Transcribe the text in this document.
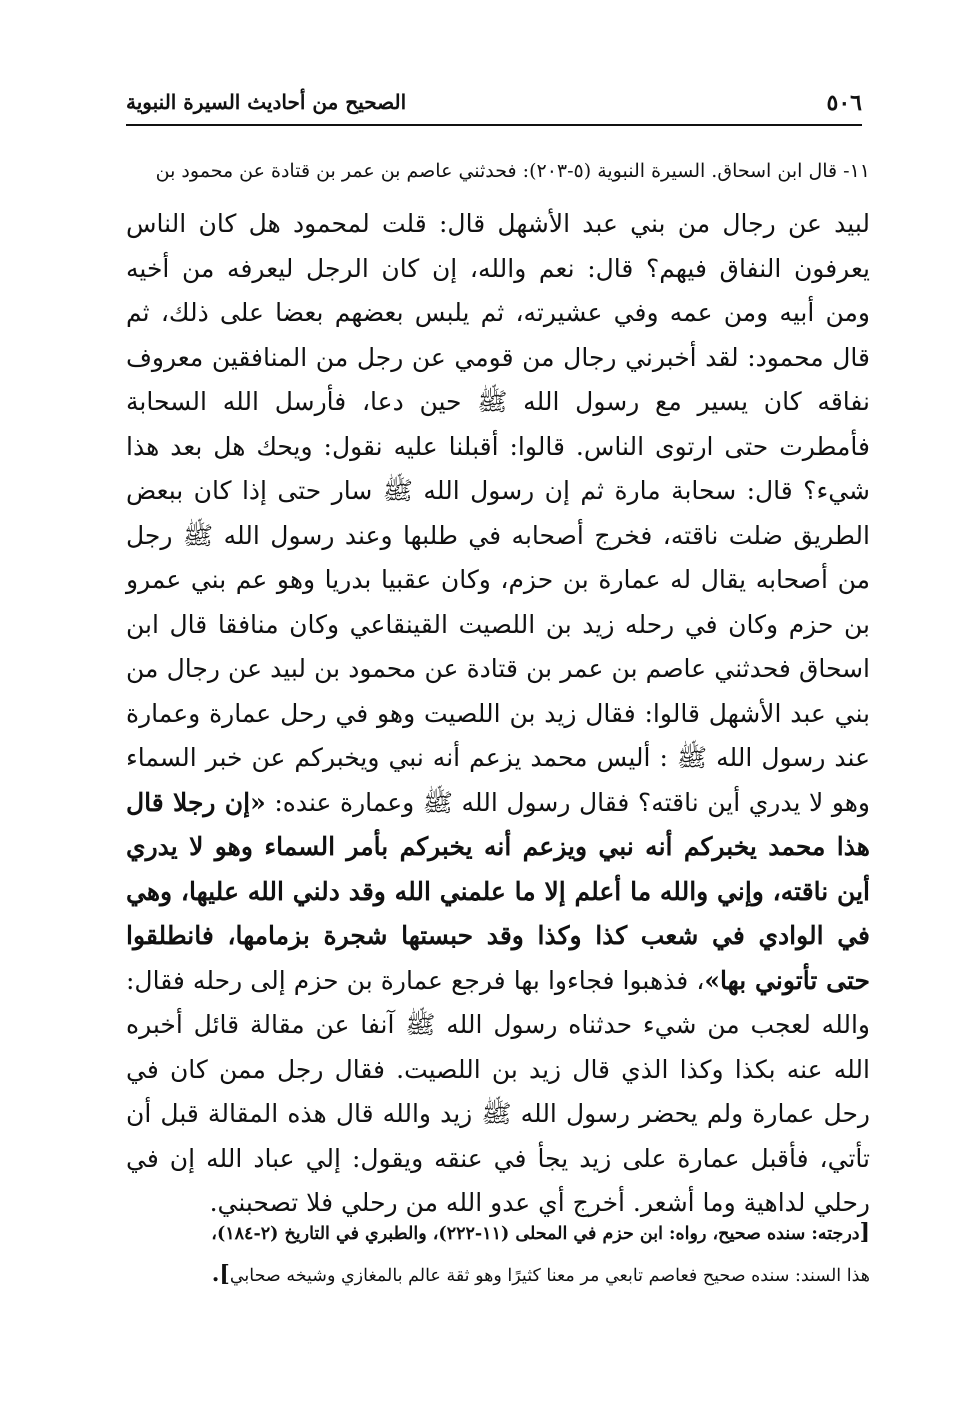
٥٠٦
الصحيح من أحاديث السيرة النبوية
١١- قال ابن اسحاق. السيرة النبوية (٥-٢٠٣): فحدثني عاصم بن عمر بن قتادة عن محمود بن

لبيد عن رجال من بني عبد الأشهل قال: قلت لمحمود هل كان الناس يعرفون النفاق فيهم؟ قال: نعم والله، إن كان الرجل ليعرفه من أخيه ومن أبيه ومن عمه وفي عشيرته، ثم يلبس بعضهم بعضا على ذلك، ثم قال محمود: لقد أخبرني رجال من قومي عن رجل من المنافقين معروف نفاقه كان يسير مع رسول الله ﷺ حين دعا، فأرسل الله السحابة فأمطرت حتى ارتوى الناس. قالوا: أقبلنا عليه نقول: ويحك هل بعد هذا شيء؟ قال: سحابة مارة ثم إن رسول الله ﷺ سار حتى إذا كان ببعض الطريق ضلت ناقته، فخرج أصحابه في طلبها وعند رسول الله ﷺ رجل من أصحابه يقال له عمارة بن حزم، وكان عقبيا بدريا وهو عم بني عمرو بن حزم وكان في رحله زيد بن اللصيت القينقاعي وكان منافقا قال ابن اسحاق فحدثني عاصم بن عمر بن قتادة عن محمود بن لبيد عن رجال من بني عبد الأشهل قالوا: فقال زيد بن اللصيت وهو في رحل عمارة وعمارة عند رسول الله ﷺ : أليس محمد يزعم أنه نبي ويخبركم عن خبر السماء وهو لا يدري أين ناقته؟ فقال رسول الله ﷺ وعمارة عنده: «إن رجلا قال هذا محمد يخبركم أنه نبي ويزعم أنه يخبركم بأمر السماء وهو لا يدري أين ناقته، وإني والله ما أعلم إلا ما علمني الله وقد دلني الله عليها، وهي في الوادي في شعب كذا وكذا وقد حبستها شجرة بزمامها، فانطلقوا حتى تأتوني بها»، فذهبوا فجاءوا بها فرجع عمارة بن حزم إلى رحله فقال: والله لعجب من شيء حدثناه رسول الله ﷺ آنفا عن مقالة قائل أخبره الله عنه بكذا وكذا الذي قال زيد بن اللصيت. فقال رجل ممن كان في رحل عمارة ولم يحضر رسول الله ﷺ زيد والله قال هذه المقالة قبل أن تأتي، فأقبل عمارة على زيد يجأ في عنقه ويقول: إلي عباد الله إن في رحلي لداهية وما أشعر. أخرج أي عدو الله من رحلي فلا تصحبني.

[درجته: سنده صحيح، رواه: ابن حزم في المحلى (١١-٢٢٢)، والطبري في التاريخ (٢-١٨٤)،

هذا السند: سنده صحيح فعاصم تابعي مر معنا كثيرًا وهو ثقة عالم بالمغازي وشيخه صحابي].
